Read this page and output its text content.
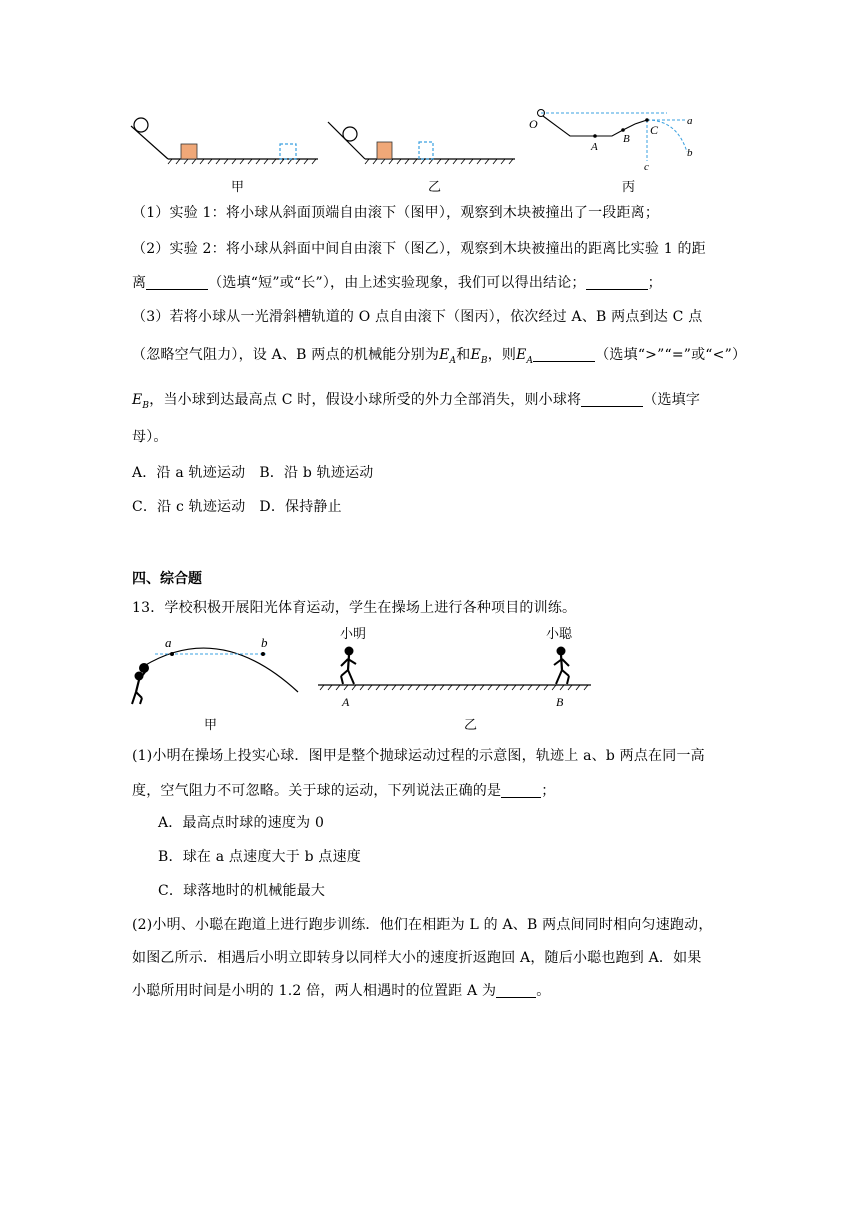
甲	乙
O
A
B
C
a
b
c
丙
（1）实验 1：将小球从斜面顶端自由滚下（图甲），观察到木块被撞出了一段距离；
（2）实验 2：将小球从斜面中间自由滚下（图乙），观察到木块被撞出的距离比实验 1 的距
离	（选填“短”或“长”），由上述实验现象，我们可以得出结论；	；
（3）若将小球从一光滑斜槽轨道的 O 点自由滚下（图丙），依次经过 A、B 两点到达 C 点
（忽略空气阻力），设 A、B 两点的机械能分别为$E_A$和$E_B$，则$E_A$	（选填“>”“=”或“<”）
$E_B$，当小球到达最高点 C 时，假设小球所受的外力全部消失，则小球将	（选填字
母）。
A．沿 a 轨迹运动 B．沿 b 轨迹运动
C．沿 c 轨迹运动 D．保持静止
四、综合题
13．学校积极开展阳光体育运动，学生在操场上进行各种项目的训练。
a	b
甲
小明	小聪
A	B
乙
(1)小明在操场上投实心球．图甲是整个抛球运动过程的示意图，轨迹上 a、b 两点在同一高
度，空气阻力不可忽略。关于球的运动，下列说法正确的是	；
A．最高点时球的速度为 0
B．球在 a 点速度大于 b 点速度
C．球落地时的机械能最大
(2)小明、小聪在跑道上进行跑步训练．他们在相距为 L 的 A、B 两点间同时相向匀速跑动，
如图乙所示．相遇后小明立即转身以同样大小的速度折返跑回 A，随后小聪也跑到 A．如果
小聪所用时间是小明的 1.2 倍，两人相遇时的位置距 A 为	。
